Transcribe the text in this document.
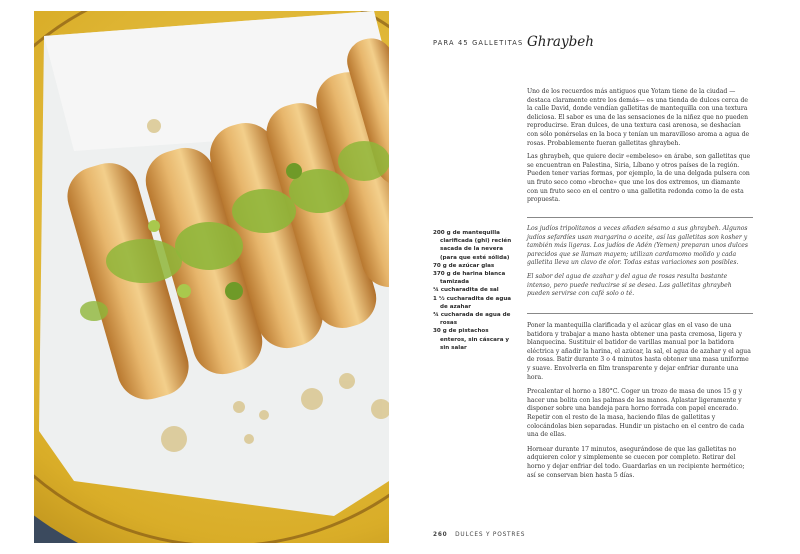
PARA 45 GALLETITAS Ghraybeh

Uno de los recuerdos más antiguos que Yotam tiene de la ciudad —destaca claramente entre los demás— es una tienda de dulces cerca de la calle David, donde vendían galletitas de mantequilla con una textura deliciosa. El sabor es una de las sensaciones de la niñez que no pueden reproducirse. Eran dulces, de una textura casi arenosa, se deshacían con sólo ponérselas en la boca y tenían un maravilloso aroma a agua de rosas. Probablemente fueran galletitas ghraybeh.

Las ghraybeh, que quiere decir «embeleso» en árabe, son galletitas que se encuentran en Palestina, Siria, Líbano y otros países de la región. Pueden tener varias formas, por ejemplo, la de una delgada pulsera con un fruto seco como «broche» que une los dos extremos, un diamante con un fruto seco en el centro o una galletita redonda como la de esta propuesta.

Los judíos tripolitanos a veces añaden sésamo a sus ghraybeh. Algunos judíos sefardíes usan margarina o aceite, así las galletitas son kosher y también más ligeras. Los judíos de Adén (Yemen) preparan unos dulces parecidos que se llaman mayem; utilizan cardamomo molido y cada galletita lleva un clavo de olor. Todas estas variaciones son posibles.

El sabor del agua de azahar y del agua de rosas resulta bastante intenso, pero puede reducirse si se desea. Las galletitas ghraybeh pueden servirse con café solo o té.

200 g de mantequilla clarificada (ghi) recién sacada de la nevera (para que esté sólida)
70 g de azúcar glas
370 g de harina blanca tamizada
¼ cucharadita de sal
1 ½ cucharadita de agua de azahar
¾ cucharada de agua de rosas
30 g de pistachos enteros, sin cáscara y sin salar

Poner la mantequilla clarificada y el azúcar glas en el vaso de una batidora y trabajar a mano hasta obtener una pasta cremosa, ligera y blanquecina. Sustituir el batidor de varillas manual por la batidora eléctrica y añadir la harina, el azúcar, la sal, el agua de azahar y el agua de rosas. Batir durante 3 o 4 minutos hasta obtener una masa uniforme y suave. Envolverla en film transparente y dejar enfriar durante una hora.

Precalentar el horno a 180°C. Coger un trozo de masa de unos 15 g y hacer una bolita con las palmas de las manos. Aplastar ligeramente y disponer sobre una bandeja para horno forrada con papel encerado. Repetir con el resto de la masa, haciendo filas de galletitas y colocándolas bien separadas. Hundir un pistacho en el centro de cada una de ellas.

Hornear durante 17 minutos, asegurándose de que las galletitas no adquieren color y simplemente se cuecen por completo. Retirar del horno y dejar enfriar del todo. Guardarlas en un recipiente hermético; así se conservan bien hasta 5 días.

260 DULCES Y POSTRES
